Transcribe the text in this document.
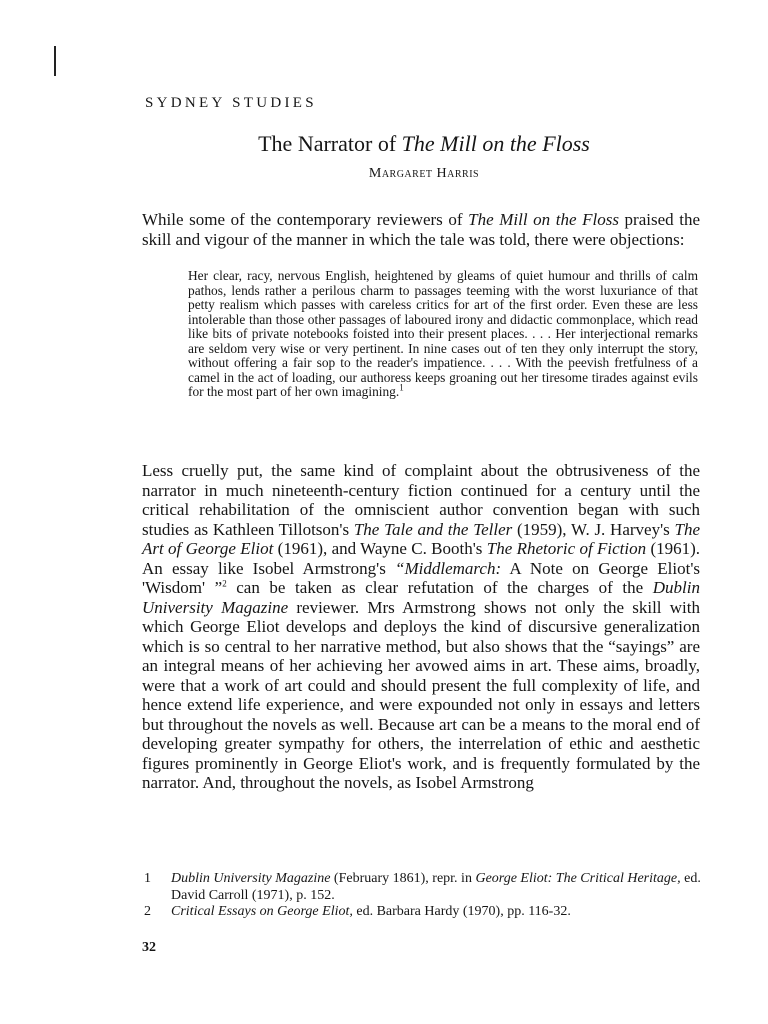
SYDNEY STUDIES

The Narrator of The Mill on the Floss

Margaret Harris

While some of the contemporary reviewers of The Mill on the Floss praised the skill and vigour of the manner in which the tale was told, there were objections:

Her clear, racy, nervous English, heightened by gleams of quiet humour and thrills of calm pathos, lends rather a perilous charm to passages teeming with the worst luxuriance of that petty realism which passes with careless critics for art of the first order. Even these are less intolerable than those other passages of laboured irony and didactic commonplace, which read like bits of private notebooks foisted into their present places. . . . Her interjectional remarks are seldom very wise or very pertinent. In nine cases out of ten they only interrupt the story, without offering a fair sop to the reader's impatience. . . . With the peevish fretfulness of a camel in the act of loading, our authoress keeps groaning out her tiresome tirades against evils for the most part of her own imagining.$^1$

Less cruelly put, the same kind of complaint about the obtrusiveness of the narrator in much nineteenth-century fiction continued for a century until the critical rehabilitation of the omniscient author convention began with such studies as Kathleen Tillotson's The Tale and the Teller (1959), W. J. Harvey's The Art of George Eliot (1961), and Wayne C. Booth's The Rhetoric of Fiction (1961). An essay like Isobel Armstrong's “Middlemarch: A Note on George Eliot's 'Wisdom' ”$^2$ can be taken as clear refutation of the charges of the Dublin University Magazine reviewer. Mrs Armstrong shows not only the skill with which George Eliot develops and deploys the kind of discursive generalization which is so central to her narrative method, but also shows that the “sayings” are an integral means of her achieving her avowed aims in art. These aims, broadly, were that a work of art could and should present the full complexity of life, and hence extend life experience, and were expounded not only in essays and letters but throughout the novels as well. Because art can be a means to the moral end of developing greater sympathy for others, the interrelation of ethic and aesthetic figures prominently in George Eliot's work, and is frequently formulated by the narrator. And, throughout the novels, as Isobel Armstrong

1 Dublin University Magazine (February 1861), repr. in George Eliot: The Critical Heritage, ed. David Carroll (1971), p. 152.
2 Critical Essays on George Eliot, ed. Barbara Hardy (1970), pp. 116-32.

32
